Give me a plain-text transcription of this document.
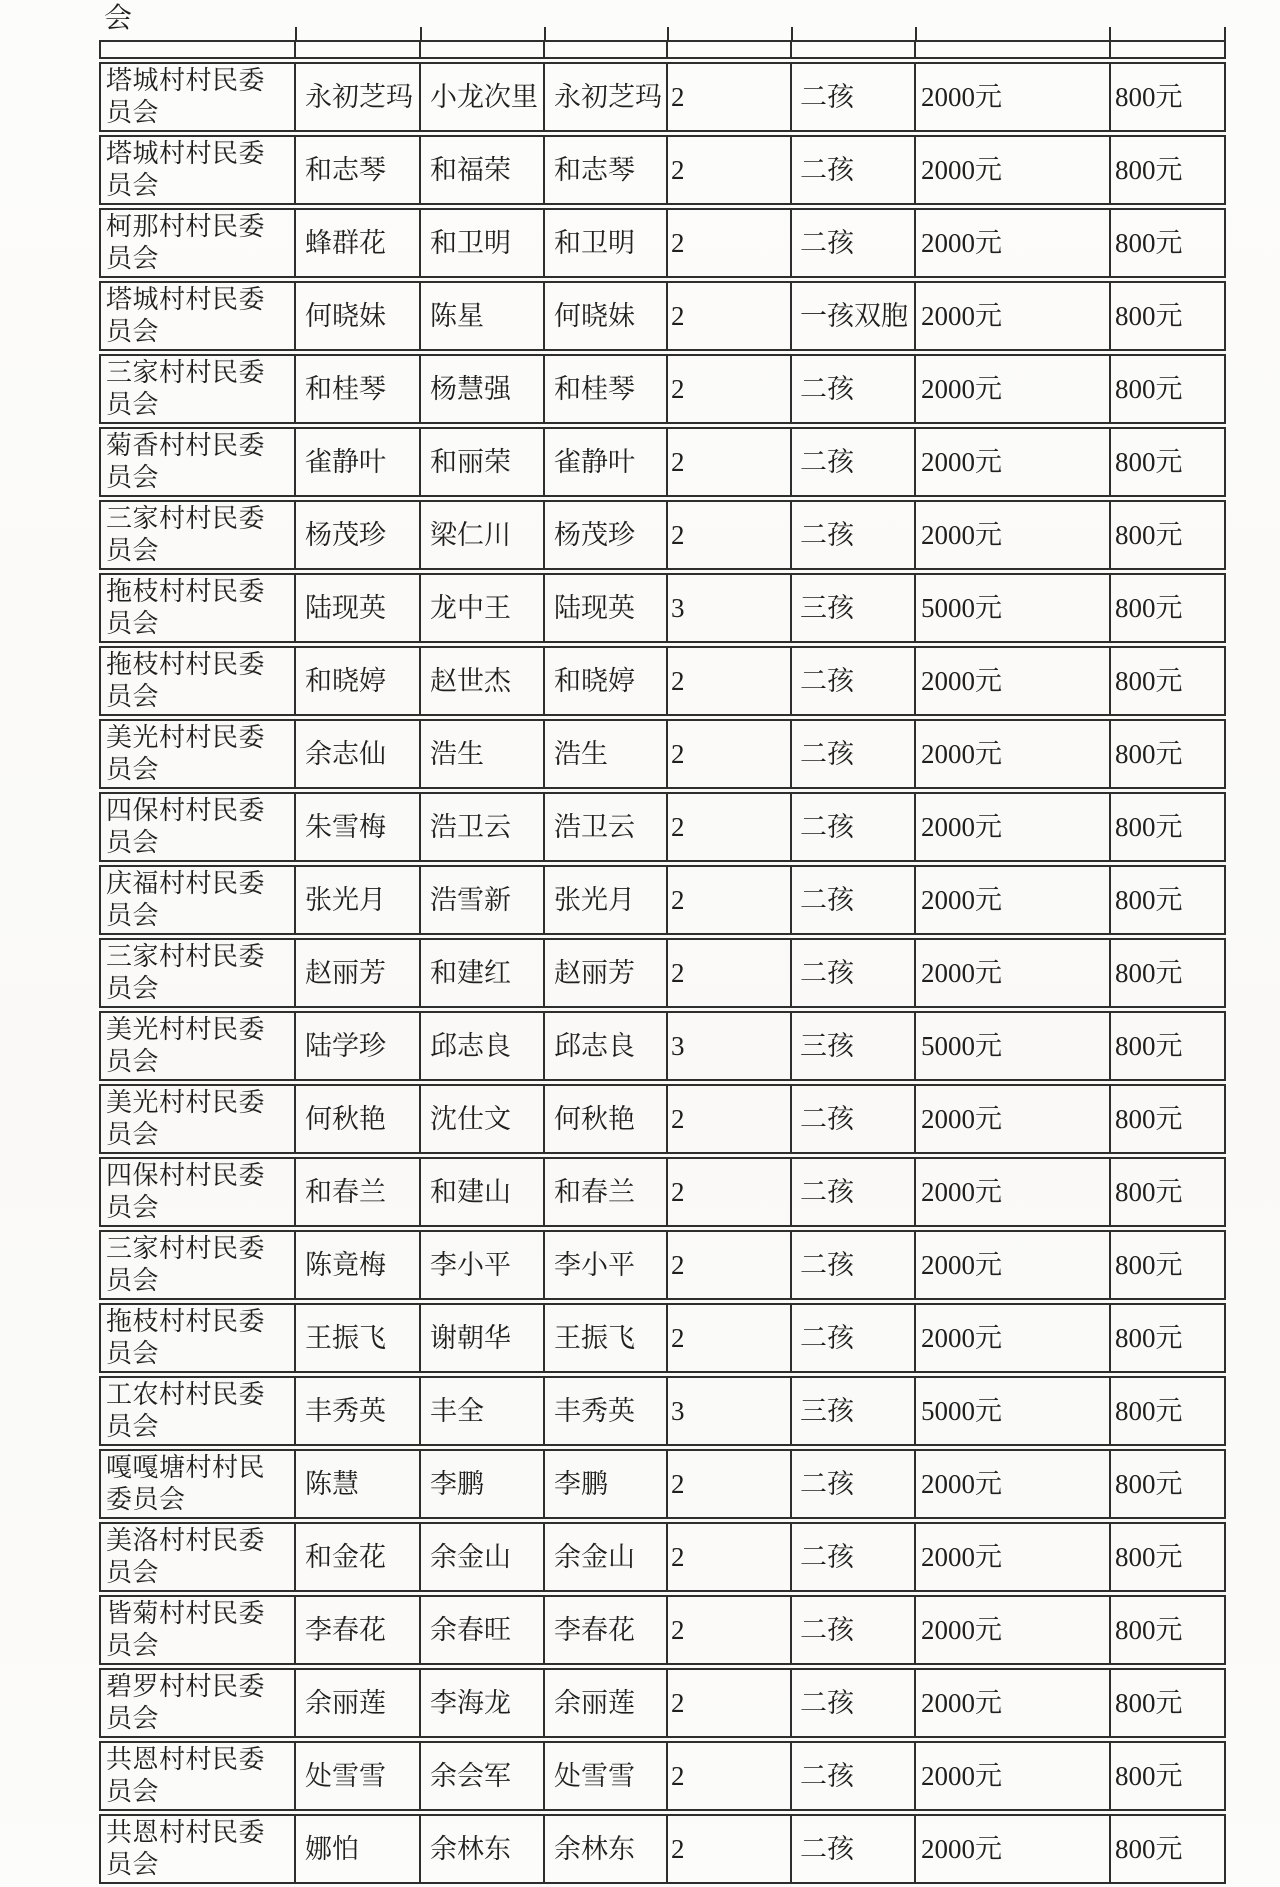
会

塔城村村民委员会	永初芝玛	小龙次里	永初芝玛	2	二孩	2000元	800元
塔城村村民委员会	和志琴	和福荣	和志琴	2	二孩	2000元	800元
柯那村村民委员会	蜂群花	和卫明	和卫明	2	二孩	2000元	800元
塔城村村民委员会	何晓妹	陈星	何晓妹	2	一孩双胞	2000元	800元
三家村村民委员会	和桂琴	杨慧强	和桂琴	2	二孩	2000元	800元
菊香村村民委员会	雀静叶	和丽荣	雀静叶	2	二孩	2000元	800元
三家村村民委员会	杨茂珍	梁仁川	杨茂珍	2	二孩	2000元	800元
拖枝村村民委员会	陆现英	龙中王	陆现英	3	三孩	5000元	800元
拖枝村村民委员会	和晓婷	赵世杰	和晓婷	2	二孩	2000元	800元
美光村村民委员会	余志仙	浩生	浩生	2	二孩	2000元	800元
四保村村民委员会	朱雪梅	浩卫云	浩卫云	2	二孩	2000元	800元
庆福村村民委员会	张光月	浩雪新	张光月	2	二孩	2000元	800元
三家村村民委员会	赵丽芳	和建红	赵丽芳	2	二孩	2000元	800元
美光村村民委员会	陆学珍	邱志良	邱志良	3	三孩	5000元	800元
美光村村民委员会	何秋艳	沈仕文	何秋艳	2	二孩	2000元	800元
四保村村民委员会	和春兰	和建山	和春兰	2	二孩	2000元	800元
三家村村民委员会	陈竟梅	李小平	李小平	2	二孩	2000元	800元
拖枝村村民委员会	王振飞	谢朝华	王振飞	2	二孩	2000元	800元
工农村村民委员会	丰秀英	丰全	丰秀英	3	三孩	5000元	800元
嘎嘎塘村村民委员会	陈慧	李鹏	李鹏	2	二孩	2000元	800元
美洛村村民委员会	和金花	余金山	余金山	2	二孩	2000元	800元
皆菊村村民委员会	李春花	余春旺	李春花	2	二孩	2000元	800元
碧罗村村民委员会	余丽莲	李海龙	余丽莲	2	二孩	2000元	800元
共恩村村民委员会	处雪雪	余会军	处雪雪	2	二孩	2000元	800元
共恩村村民委员会	娜怕	余林东	余林东	2	二孩	2000元	800元
